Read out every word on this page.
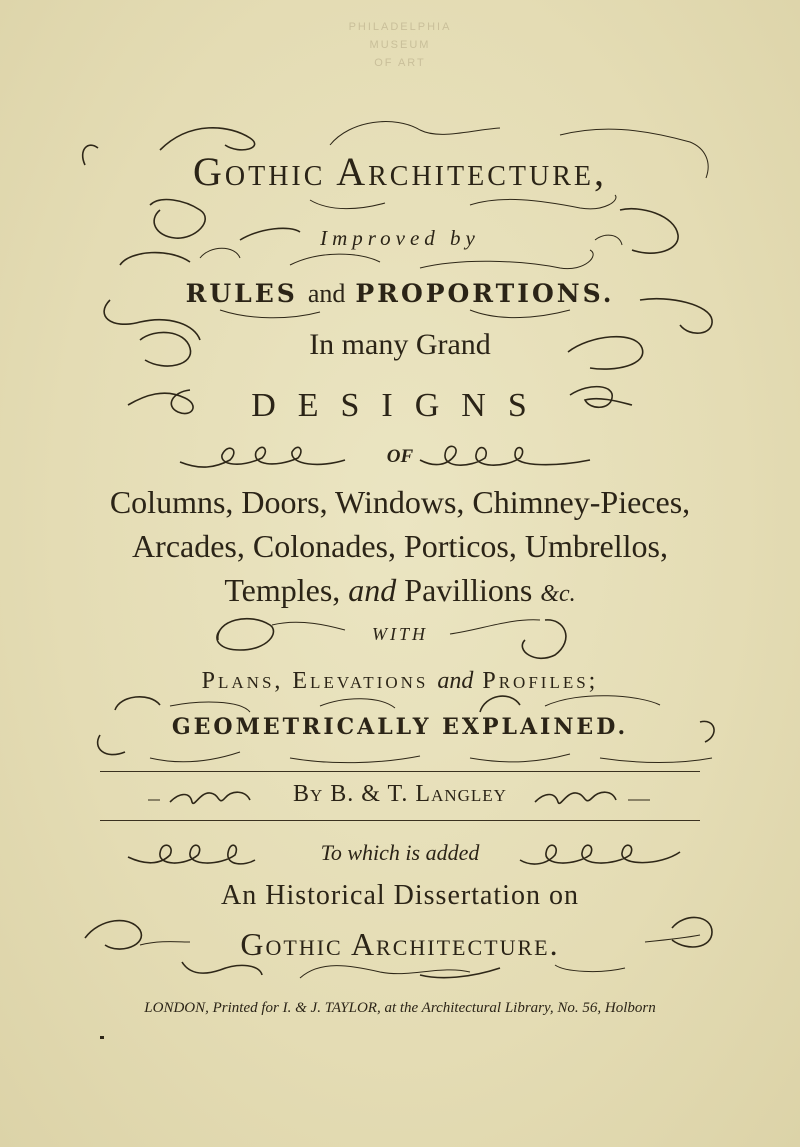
PHILADELPHIA
MUSEUM
OF ART
Gothic Architecture,
Improved by
RULES and PROPORTIONS.
In many Grand
DESIGNS
OF
Columns, Doors, Windows, Chimney-Pieces,
Arcades, Colonades, Porticos, Umbrellos,
Temples, and Pavillions &c.
WITH
Plans, Elevations and Profiles;
GEOMETRICALLY EXPLAINED.
By B. & T. Langley
To which is added
An Historical Dissertation on
Gothic Architecture.
LONDON, Printed for I. & J. TAYLOR, at the Architectural Library, No. 56, Holborn
